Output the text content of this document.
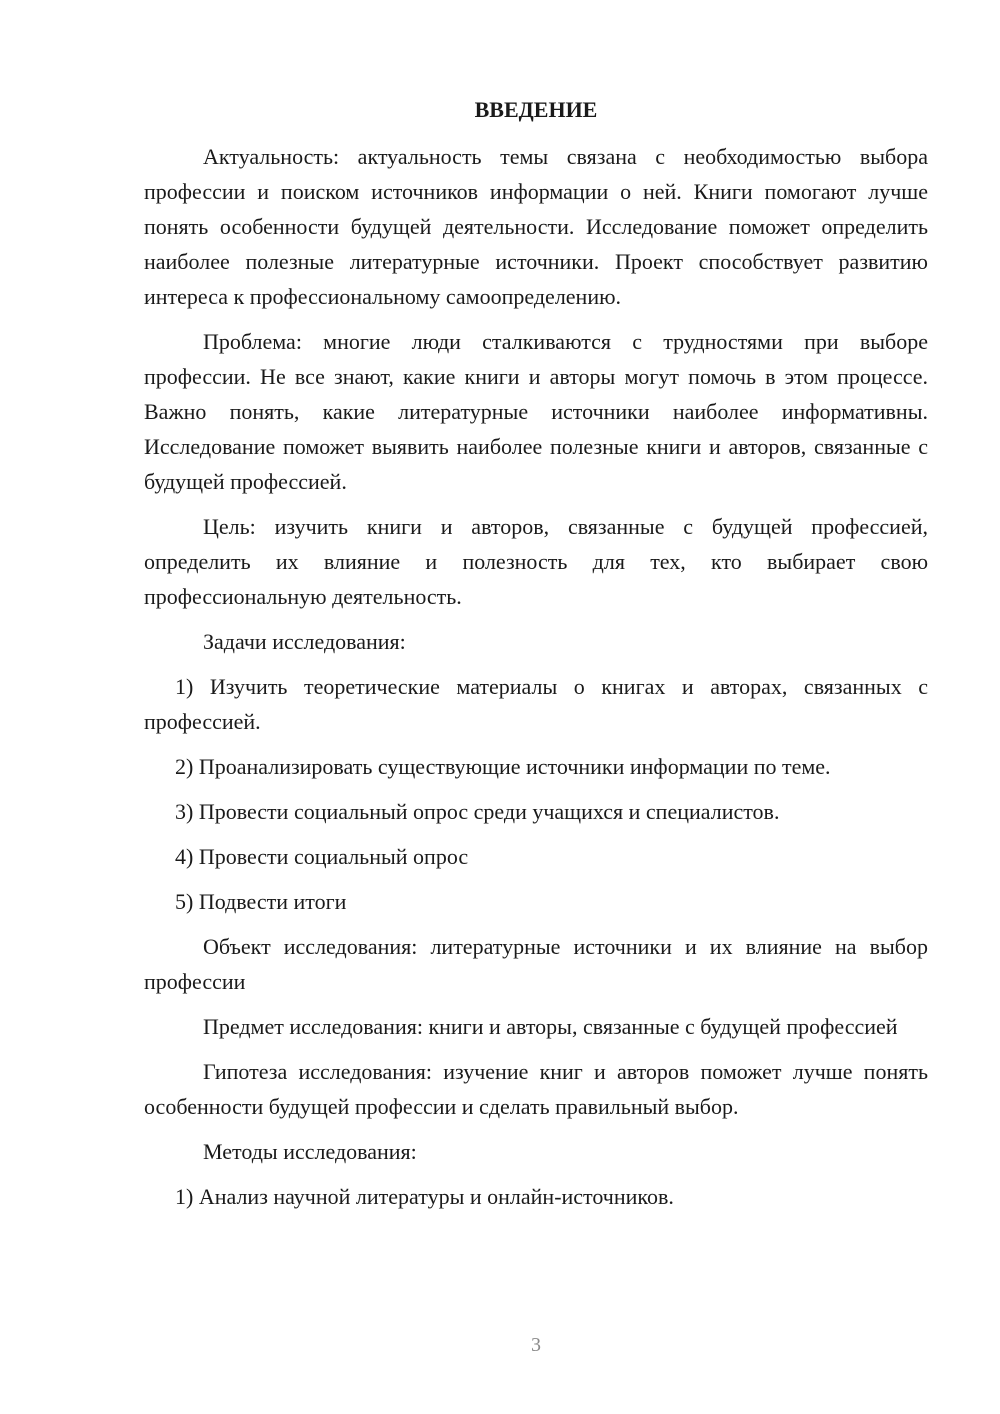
ВВЕДЕНИЕ

Актуальность: актуальность темы связана с необходимостью выбора профессии и поиском источников информации о ней. Книги помогают лучше понять особенности будущей деятельности. Исследование поможет определить наиболее полезные литературные источники. Проект способствует развитию интереса к профессиональному самоопределению.

Проблема: многие люди сталкиваются с трудностями при выборе профессии. Не все знают, какие книги и авторы могут помочь в этом процессе. Важно понять, какие литературные источники наиболее информативны. Исследование поможет выявить наиболее полезные книги и авторов, связанные с будущей профессией.

Цель: изучить книги и авторов, связанные с будущей профессией, определить их влияние и полезность для тех, кто выбирает свою профессиональную деятельность.

Задачи исследования:

1) Изучить теоретические материалы о книгах и авторах, связанных с профессией.

2) Проанализировать существующие источники информации по теме.

3) Провести социальный опрос среди учащихся и специалистов.

4) Провести социальный опрос

5) Подвести итоги

Объект исследования: литературные источники и их влияние на выбор профессии

Предмет исследования: книги и авторы, связанные с будущей профессией

Гипотеза исследования: изучение книг и авторов поможет лучше понять особенности будущей профессии и сделать правильный выбор.

Методы исследования:

1) Анализ научной литературы и онлайн-источников.

3
